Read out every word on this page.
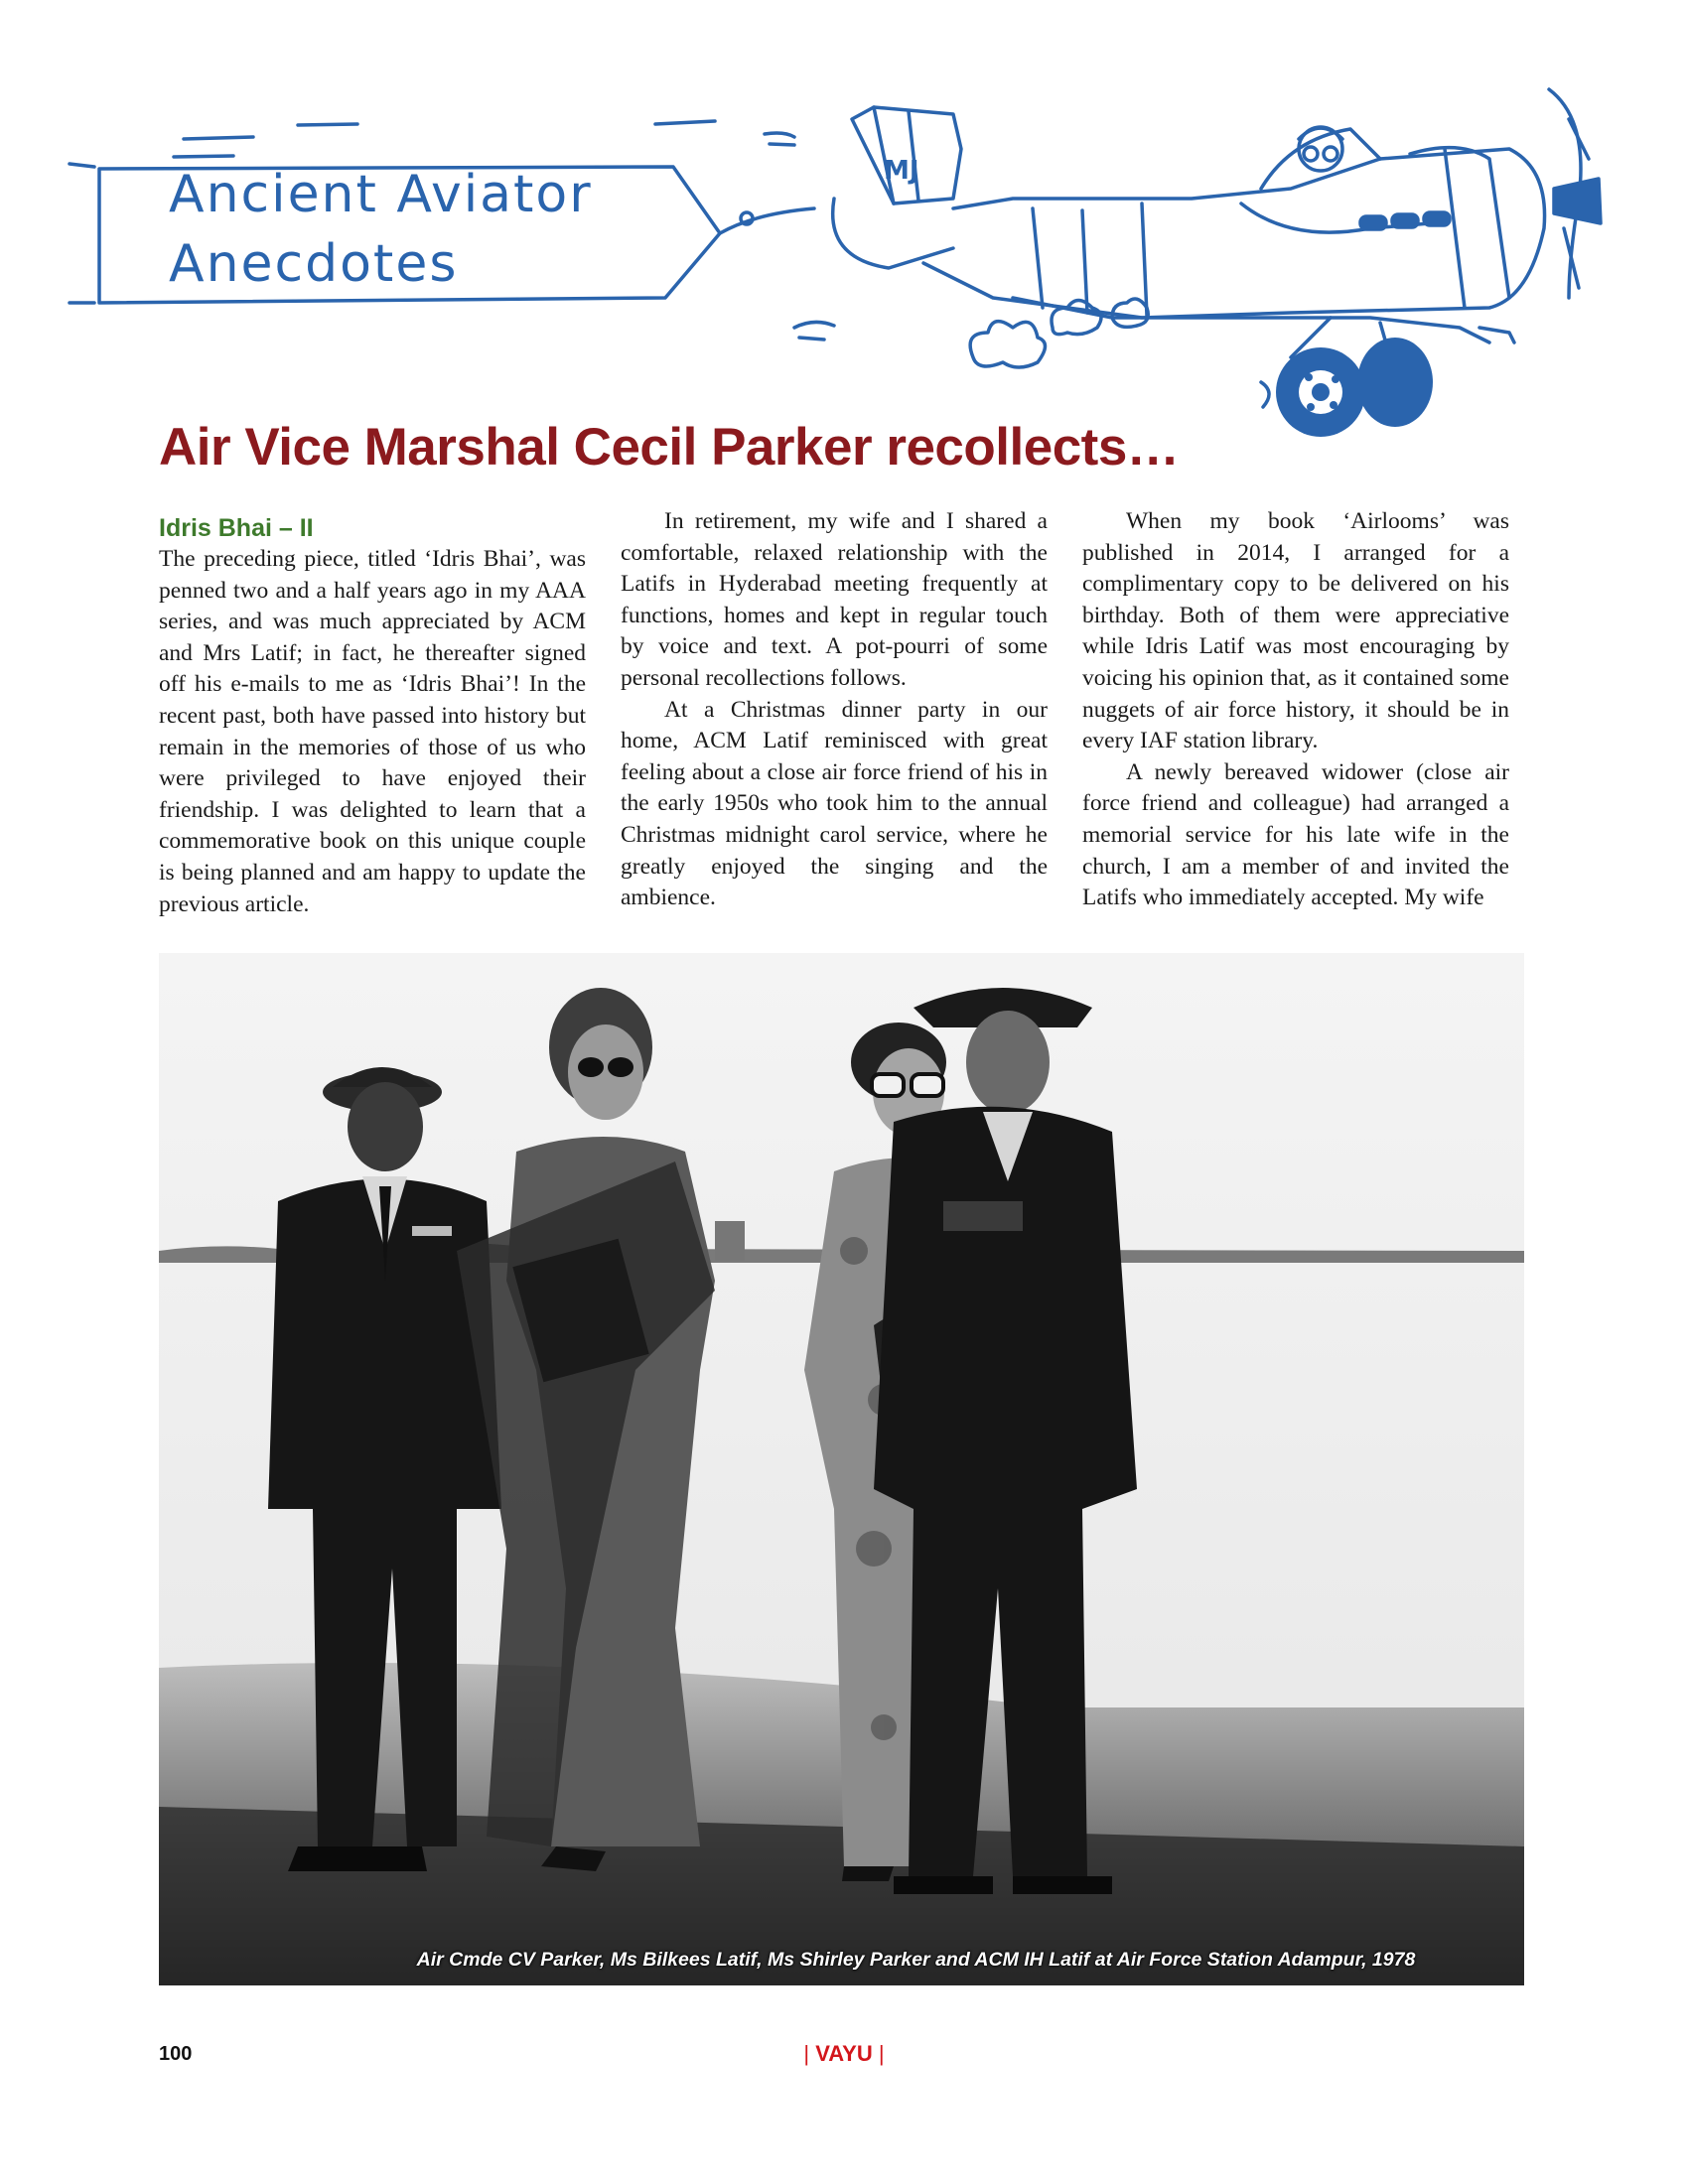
Ancient Aviator
Anecdotes
MJ
Air Vice Marshal Cecil Parker recollects…
Idris Bhai – II

The preceding piece, titled ‘Idris Bhai’, was penned two and a half years ago in my AAA series, and was much appreciated by ACM and Mrs Latif; in fact, he thereafter signed off his e-mails to me as ‘Idris Bhai’! In the recent past, both have passed into history but remain in the memories of those of us who were privileged to have enjoyed their friendship. I was delighted to learn that a commemorative book on this unique couple is being planned and am happy to update the previous article.

In retirement, my wife and I shared a comfortable, relaxed relationship with the Latifs in Hyderabad meeting frequently at functions, homes and kept in regular touch by voice and text. A pot-pourri of some personal recollections follows.

At a Christmas dinner party in our home, ACM Latif reminisced with great feeling about a close air force friend of his in the early 1950s who took him to the annual Christmas midnight carol service, where he greatly enjoyed the singing and the ambience.

When my book ‘Airlooms’ was published in 2014, I arranged for a complimentary copy to be delivered on his birthday. Both of them were appreciative while Idris Latif was most encouraging by voicing his opinion that, as it contained some nuggets of air force history, it should be in every IAF station library.

A newly bereaved widower (close air force friend and colleague) had arranged a memorial service for his late wife in the church, I am a member of and invited the Latifs who immediately accepted. My wife

Air Cmde CV Parker, Ms Bilkees Latif, Ms Shirley Parker and ACM IH Latif at Air Force Station Adampur, 1978
100	| VAYU |
